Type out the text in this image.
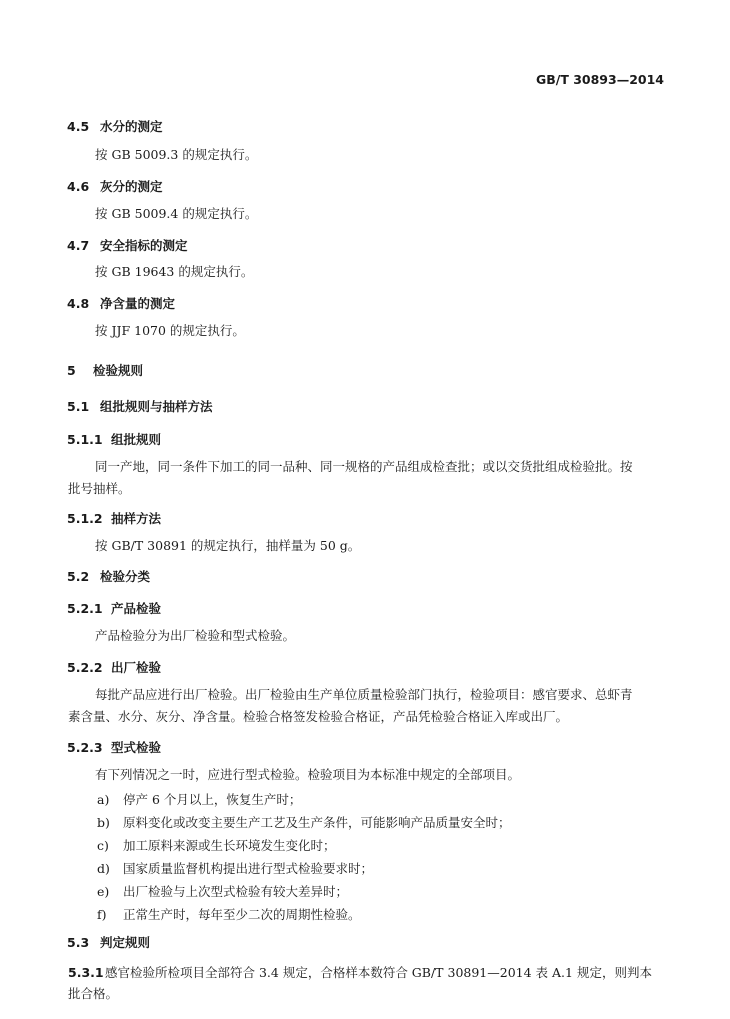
GB/T 30893—2014
4.5 水分的测定
按 GB 5009.3 的规定执行。
4.6 灰分的测定
按 GB 5009.4 的规定执行。
4.7 安全指标的测定
按 GB 19643 的规定执行。
4.8 净含量的测定
按 JJF 1070 的规定执行。
5 检验规则
5.1 组批规则与抽样方法
5.1.1 组批规则
同一产地，同一条件下加工的同一品种、同一规格的产品组成检查批；或以交货批组成检验批。按
批号抽样。
5.1.2 抽样方法
按 GB/T 30891 的规定执行，抽样量为 50 g。
5.2 检验分类
5.2.1 产品检验
产品检验分为出厂检验和型式检验。
5.2.2 出厂检验
每批产品应进行出厂检验。出厂检验由生产单位质量检验部门执行，检验项目：感官要求、总虾青
素含量、水分、灰分、净含量。检验合格签发检验合格证，产品凭检验合格证入库或出厂。
5.2.3 型式检验
有下列情况之一时，应进行型式检验。检验项目为本标准中规定的全部项目。
a) 停产 6 个月以上，恢复生产时；
b) 原料变化或改变主要生产工艺及生产条件，可能影响产品质量安全时；
c) 加工原料来源或生长环境发生变化时；
d) 国家质量监督机构提出进行型式检验要求时；
e) 出厂检验与上次型式检验有较大差异时；
f) 正常生产时，每年至少二次的周期性检验。
5.3 判定规则
5.3.1感官检验所检项目全部符合 3.4 规定，合格样本数符合 GB/T 30891—2014 表 A.1 规定，则判本
批合格。
